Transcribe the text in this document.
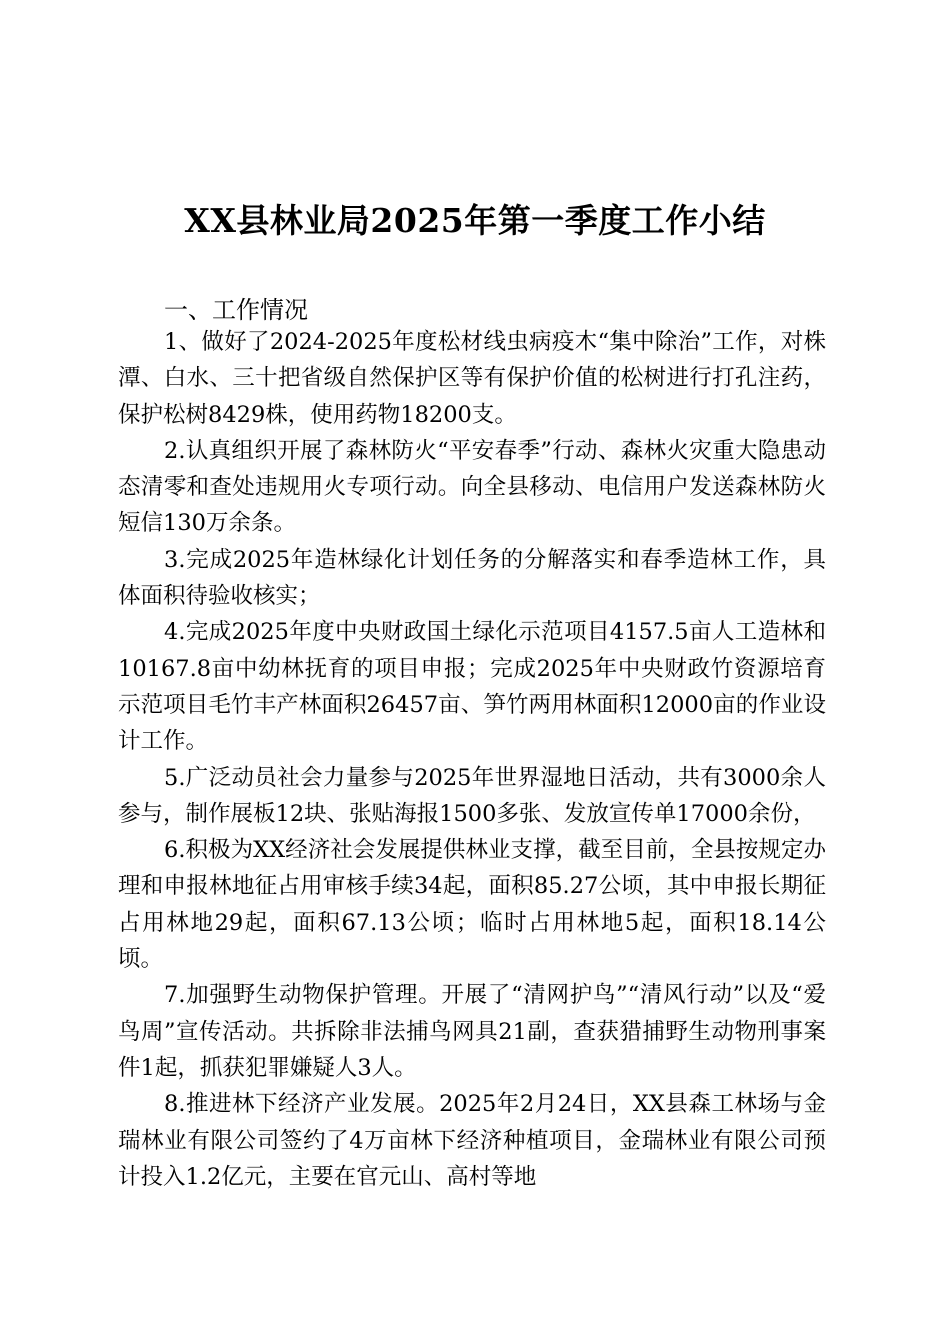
XX县林业局2025年第一季度工作小结
一、工作情况

1、做好了2024-2025年度松材线虫病疫木“集中除治”工作，对株潭、白水、三十把省级自然保护区等有保护价值的松树进行打孔注药，保护松树8429株，使用药物18200支。

2.认真组织开展了森林防火“平安春季”行动、森林火灾重大隐患动态清零和查处违规用火专项行动。向全县移动、电信用户发送森林防火短信130万余条。

3.完成2025年造林绿化计划任务的分解落实和春季造林工作，具体面积待验收核实；

4.完成2025年度中央财政国土绿化示范项目4157.5亩人工造林和10167.8亩中幼林抚育的项目申报；完成2025年中央财政竹资源培育示范项目毛竹丰产林面积26457亩、笋竹两用林面积12000亩的作业设计工作。

5.广泛动员社会力量参与2025年世界湿地日活动，共有3000余人参与，制作展板12块、张贴海报1500多张、发放宣传单17000余份，

6.积极为XX经济社会发展提供林业支撑，截至目前，全县按规定办理和申报林地征占用审核手续34起，面积85.27公顷，其中申报长期征占用林地29起，面积67.13公顷；临时占用林地5起，面积18.14公顷。

7.加强野生动物保护管理。开展了“清网护鸟”“清风行动”以及“爱鸟周”宣传活动。共拆除非法捕鸟网具21副，查获猎捕野生动物刑事案件1起，抓获犯罪嫌疑人3人。

8.推进林下经济产业发展。2025年2月24日，XX县森工林场与金瑞林业有限公司签约了4万亩林下经济种植项目，金瑞林业有限公司预计投入1.2亿元，主要在官元山、高村等地
